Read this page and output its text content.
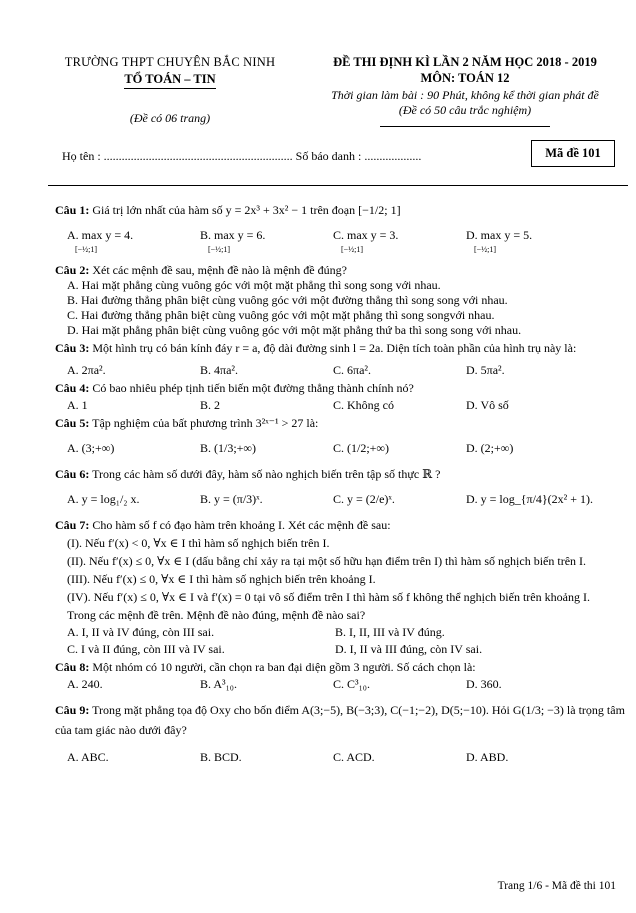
TRƯỜNG THPT CHUYÊN BẮC NINH
TỔ TOÁN – TIN
(Đề có 06 trang)
ĐỀ THI ĐỊNH KÌ LẦN 2 NĂM HỌC 2018 - 2019
MÔN: TOÁN 12
Thời gian làm bài : 90 Phút, không kể thời gian phát đề
(Đề có 50 câu trắc nghiệm)
Họ tên : ............................................................... Số báo danh : ...................	Mã đề 101
Câu 1: Giá trị lớn nhất của hàm số y = 2x³ + 3x² − 1 trên đoạn [−1/2; 1]
A. max y = 4.	B. max y = 6.	C. max y = 3.	D. max y = 5.
[−½;1]	[−½;1]	[−½;1]	[−½;1]
Câu 2: Xét các mệnh đề sau, mệnh đề nào là mệnh đề đúng?
A. Hai mặt phẳng cùng vuông góc với một mặt phẳng thì song song với nhau.
B. Hai đường thẳng phân biệt cùng vuông góc với một đường thẳng thì song song với nhau.
C. Hai đường thẳng phân biệt cùng vuông góc với một mặt phẳng thì song songvới nhau.
D. Hai mặt phẳng phân biệt cùng vuông góc với một mặt phẳng thứ ba thì song song với nhau.
Câu 3: Một hình trụ có bán kính đáy r = a, độ dài đường sinh l = 2a. Diện tích toàn phần của hình trụ này là:
A. 2πa².	B. 4πa².	C. 6πa².	D. 5πa².
Câu 4: Có bao nhiêu phép tịnh tiến biến một đường thẳng thành chính nó?
A. 1	B. 2	C. Không có	D. Vô số
Câu 5: Tập nghiệm của bất phương trình 3²ˣ⁻¹ > 27 là:
A. (3;+∞)	B. (1/3;+∞)	C. (1/2;+∞)	D. (2;+∞)
Câu 6: Trong các hàm số dưới đây, hàm số nào nghịch biến trên tập số thực ℝ ?
A. y = log₁/₂ x.	B. y = (π/3)ˣ.	C. y = (2/e)ˣ.	D. y = log_{π/4}(2x² + 1).
Câu 7: Cho hàm số f có đạo hàm trên khoảng I. Xét các mệnh đề sau:
(I). Nếu f′(x) < 0, ∀x ∈ I thì hàm số nghịch biến trên I.
(II). Nếu f′(x) ≤ 0, ∀x ∈ I (dấu bằng chỉ xảy ra tại một số hữu hạn điểm trên I) thì hàm số nghịch biến trên I.
(III). Nếu f′(x) ≤ 0, ∀x ∈ I thì hàm số nghịch biến trên khoảng I.
(IV). Nếu f′(x) ≤ 0, ∀x ∈ I và f′(x) = 0 tại vô số điểm trên I thì hàm số f không thể nghịch biến trên khoảng I.
Trong các mệnh đề trên. Mệnh đề nào đúng, mệnh đề nào sai?
A. I, II và IV đúng, còn III sai.	B. I, II, III và IV đúng.
C. I và II đúng, còn III và IV sai.	D. I, II và III đúng, còn IV sai.
Câu 8: Một nhóm có 10 người, cần chọn ra ban đại diện gồm 3 người. Số cách chọn là:
A. 240.	B. A³₁₀.	C. C³₁₀.	D. 360.
Câu 9: Trong mặt phẳng tọa độ Oxy cho bốn điểm A(3;−5), B(−3;3), C(−1;−2), D(5;−10). Hỏi G(1/3; −3) là trọng tâm của tam giác nào dưới đây?
A. ABC.	B. BCD.	C. ACD.	D. ABD.
Trang 1/6 - Mã đề thi 101
